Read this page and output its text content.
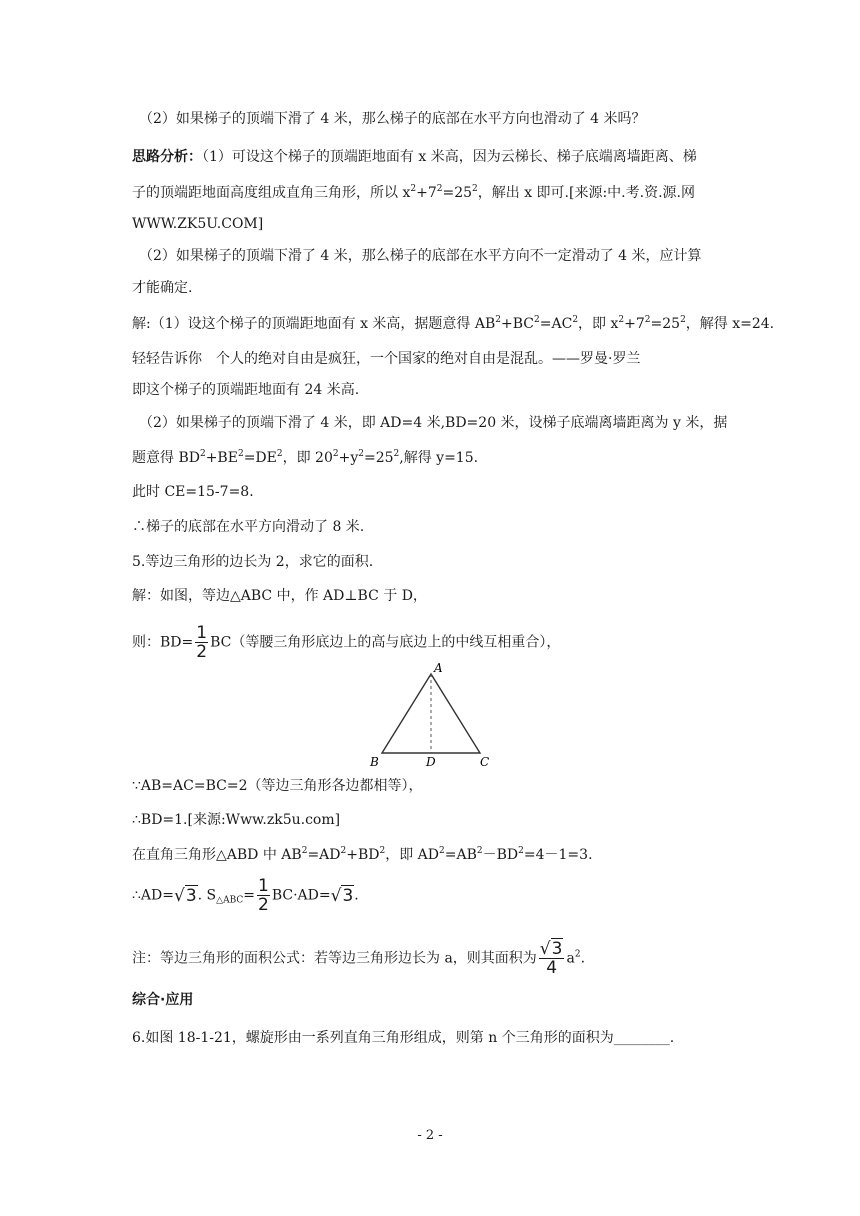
（2）如果梯子的顶端下滑了 4 米，那么梯子的底部在水平方向也滑动了 4 米吗？
思路分析：（1）可设这个梯子的顶端距地面有 x 米高，因为云梯长、梯子底端离墙距离、梯
子的顶端距地面高度组成直角三角形，所以 $x^2+7^2=25^2$，解出 x 即可.[来源:中.考.资.源.网
WWW.ZK5U.COM]
（2）如果梯子的顶端下滑了 4 米，那么梯子的底部在水平方向不一定滑动了 4 米，应计算
才能确定.
解:（1）设这个梯子的顶端距地面有 x 米高，据题意得 $AB^2+BC^2=AC^2$，即 $x^2+7^2=25^2$，解得 x=24.
轻轻告诉你　个人的绝对自由是疯狂，一个国家的绝对自由是混乱。——罗曼·罗兰
即这个梯子的顶端距地面有 24 米高.
（2）如果梯子的顶端下滑了 4 米，即 AD=4 米,BD=20 米，设梯子底端离墙距离为 y 米，据
题意得 $BD^2+BE^2=DE^2$，即 $20^2+y^2=25^2$,解得 y=15.
此时 CE=15-7=8.
∴梯子的底部在水平方向滑动了 8 米.
5.等边三角形的边长为 2，求它的面积.
解：如图，等边△ABC 中，作 AD⊥BC 于 D，
则：$BD= \frac{1}{2} BC$（等腰三角形底边上的高与底边上的中线互相重合），
A
B	D	C
∵AB=AC=BC=2（等边三角形各边都相等），
∴BD=1.[来源:Www.zk5u.com]
在直角三角形△ABD 中 $AB^2=AD^2+BD^2$，即 $AD^2=AB^2-BD^2=4-1=3$.
∴AD=√3. $S_{\triangle ABC}= \frac{1}{2} BC\cdot AD=√3$.
注：等边三角形的面积公式：若等边三角形边长为 a，则其面积为 $\frac{√3}{4} a^2$.
综合·应用
6.如图 18-1-21，螺旋形由一系列直角三角形组成，则第 n 个三角形的面积为________.
- 2 -
